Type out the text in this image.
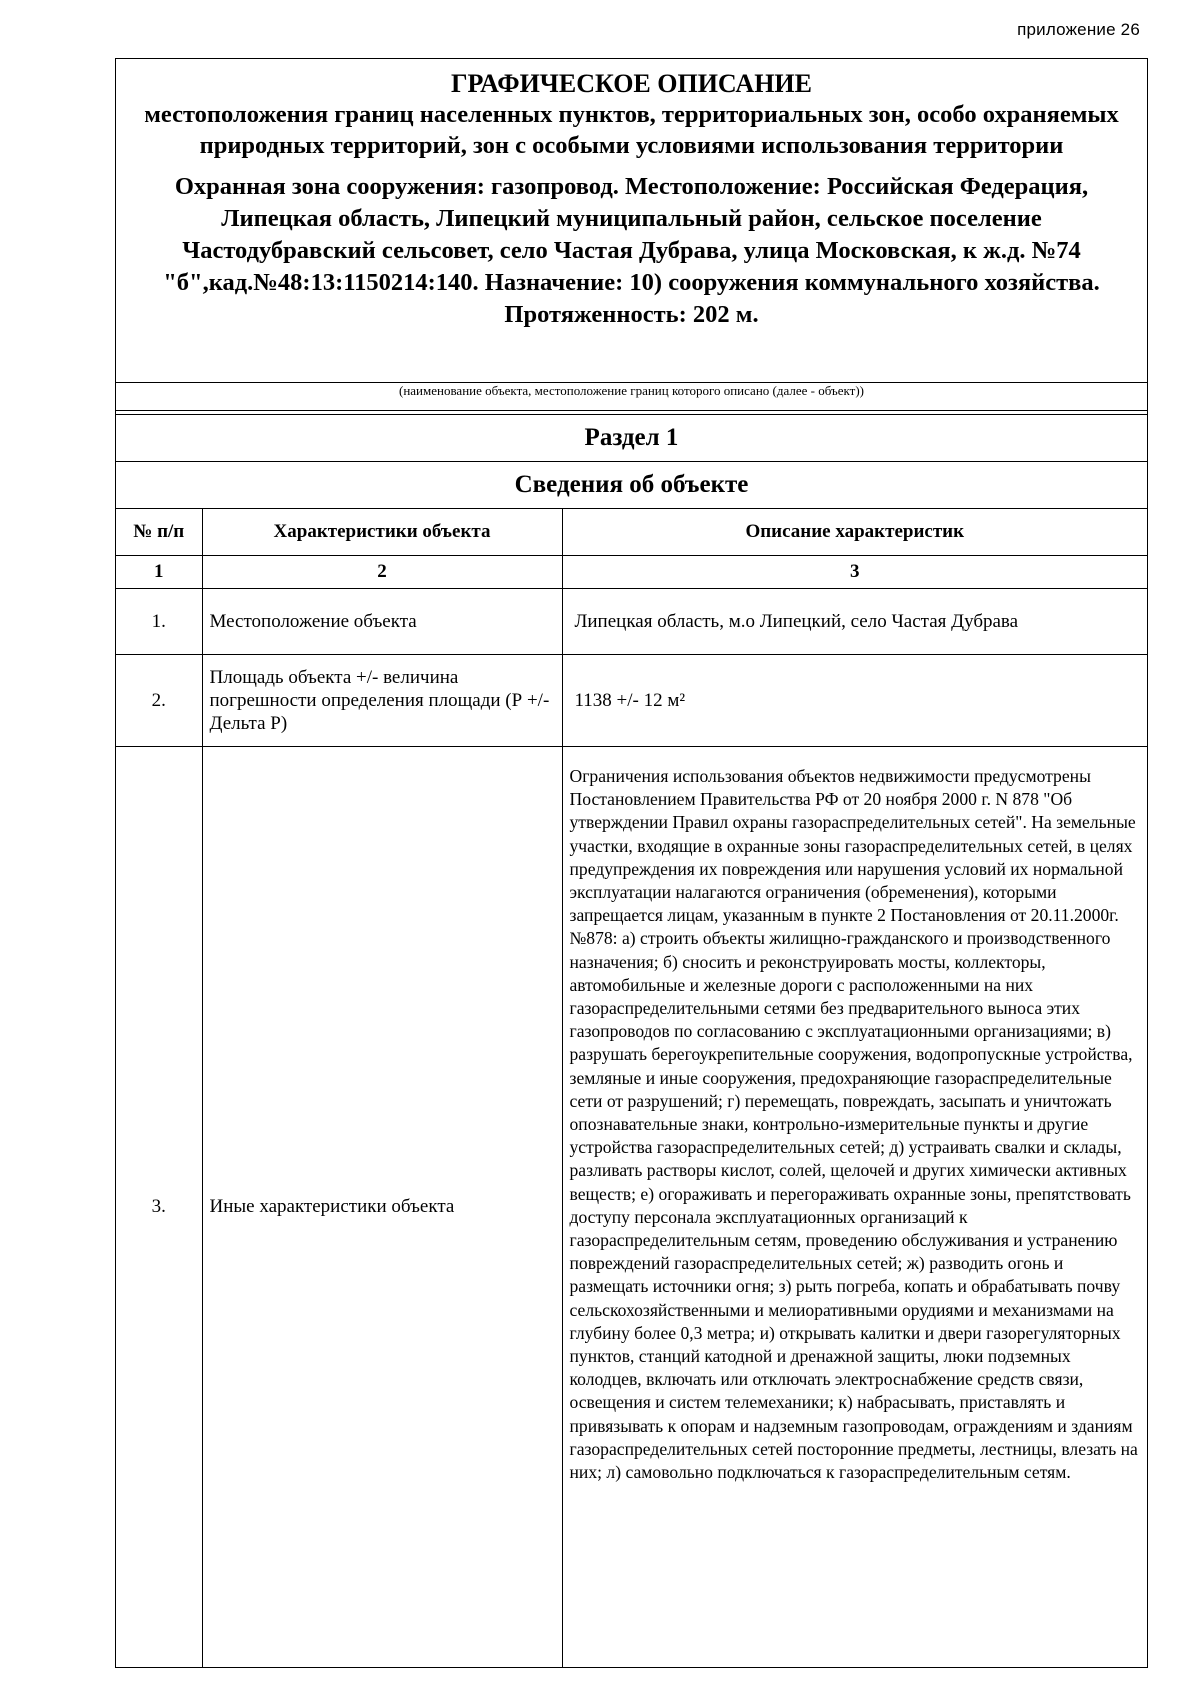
приложение 26
ГРАФИЧЕСКОЕ ОПИСАНИЕ
местоположения границ населенных пунктов, территориальных зон, особо охраняемых природных территорий, зон с особыми условиями использования территории
Охранная зона сооружения: газопровод. Местоположение: Российская Федерация, Липецкая область, Липецкий муниципальный район, сельское поселение Частодубравский сельсовет, село Частая Дубрава, улица Московская, к ж.д. №74 "б",кад.№48:13:1150214:140. Назначение: 10) сооружения коммунального хозяйства. Протяженность: 202 м.
(наименование объекта, местоположение границ которого описано (далее - объект))
Раздел 1
Сведения об объекте
№ п/п	Характеристики объекта	Описание характеристик
1	2	3
1.	Местоположение объекта	Липецкая область, м.о Липецкий, село Частая Дубрава
2.	Площадь объекта +/- величина погрешности определения площади (Р +/- Дельта Р)	1138 +/- 12 м²
3.	Иные характеристики объекта	Ограничения использования объектов недвижимости предусмотрены Постановлением Правительства РФ от 20 ноября 2000 г. N 878 "Об утверждении Правил охраны газораспределительных сетей". На земельные участки, входящие в охранные зоны газораспределительных сетей, в целях предупреждения их повреждения или нарушения условий их нормальной эксплуатации налагаются ограничения (обременения), которыми запрещается лицам, указанным в пункте 2 Постановления от 20.11.2000г. №878: а) строить объекты жилищно-гражданского и производственного назначения; б) сносить и реконструировать мосты, коллекторы, автомобильные и железные дороги с расположенными на них газораспределительными сетями без предварительного выноса этих газопроводов по согласованию с эксплуатационными организациями; в) разрушать берегоукрепительные сооружения, водопропускные устройства, земляные и иные сооружения, предохраняющие газораспределительные сети от разрушений; г) перемещать, повреждать, засыпать и уничтожать опознавательные знаки, контрольно-измерительные пункты и другие устройства газораспределительных сетей; д) устраивать свалки и склады, разливать растворы кислот, солей, щелочей и других химически активных веществ; е) огораживать и перегораживать охранные зоны, препятствовать доступу персонала эксплуатационных организаций к газораспределительным сетям, проведению обслуживания и устранению повреждений газораспределительных сетей; ж) разводить огонь и размещать источники огня; з) рыть погреба, копать и обрабатывать почву сельскохозяйственными и мелиоративными орудиями и механизмами на глубину более 0,3 метра; и) открывать калитки и двери газорегуляторных пунктов, станций катодной и дренажной защиты, люки подземных колодцев, включать или отключать электроснабжение средств связи, освещения и систем телемеханики; к) набрасывать, приставлять и привязывать к опорам и надземным газопроводам, ограждениям и зданиям газораспределительных сетей посторонние предметы, лестницы, влезать на них; л) самовольно подключаться к газораспределительным сетям.
